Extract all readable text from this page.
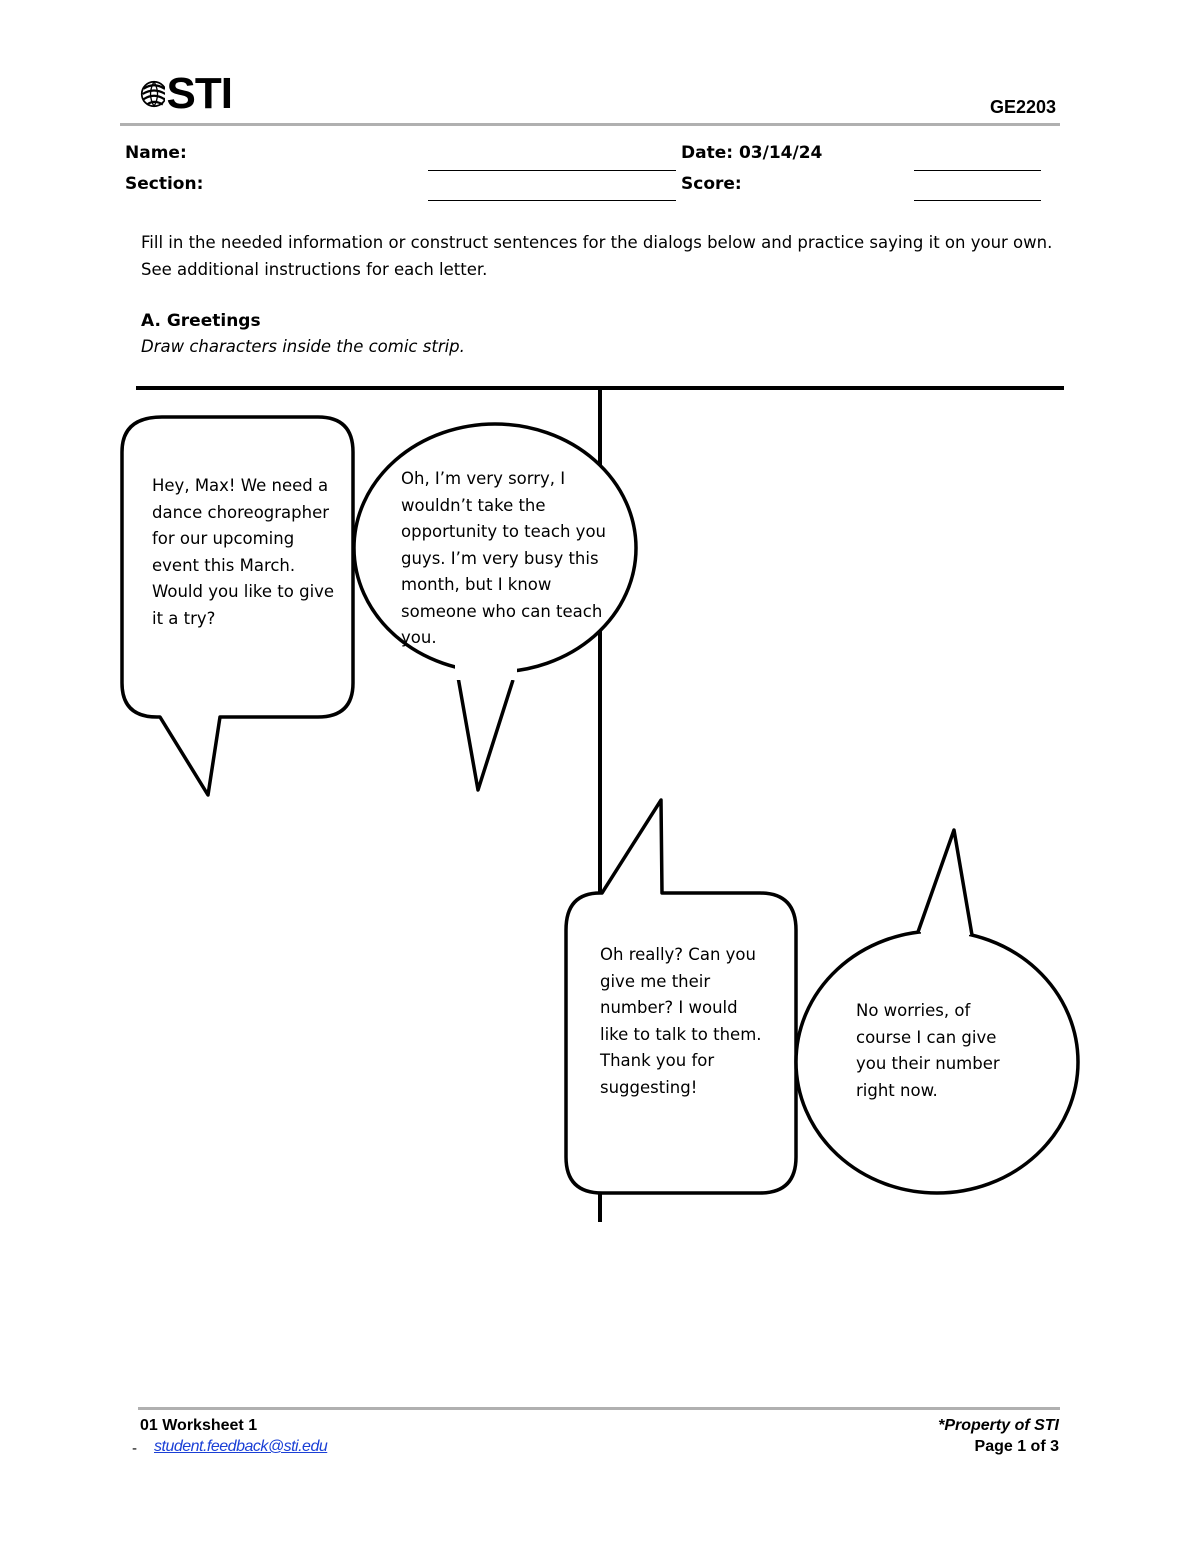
STI	GE2203
Name:
Section:
Date: 03/14/24
Score:
Fill in the needed information or construct sentences for the dialogs below and practice saying it on your own. See additional instructions for each letter.
A. Greetings
Draw characters inside the comic strip.

Hey, Max! We need a dance choreographer for our upcoming event this March. Would you like to give it a try?

Oh, I’m very sorry, I wouldn’t take the opportunity to teach you guys. I’m very busy this month, but I know someone who can teach you.

Oh really? Can you give me their number? I would like to talk to them. Thank you for suggesting!

No worries, of course I can give you their number right now.

01 Worksheet 1
- student.feedback@sti.edu
*Property of STI
Page 1 of 3
